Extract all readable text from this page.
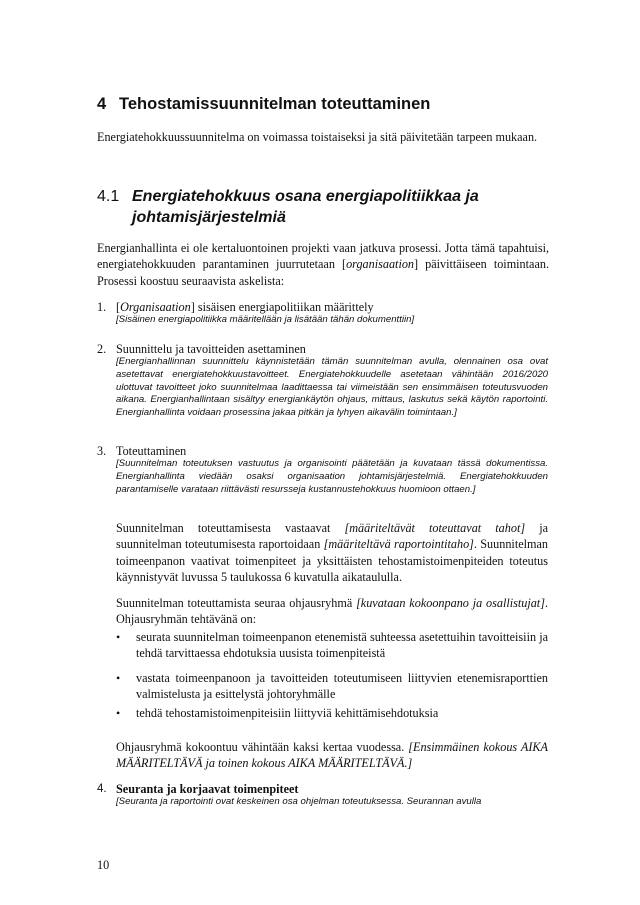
4 Tehostamissuunnitelman toteuttaminen
Energiatehokkuussuunnitelma on voimassa toistaiseksi ja sitä päivitetään tarpeen mukaan.
4.1 Energiatehokkuus osana energiapolitiikkaa ja johtamisjärjestelmiä
Energianhallinta ei ole kertaluontoinen projekti vaan jatkuva prosessi. Jotta tämä tapahtuisi, energiatehokkuuden parantaminen juurrutetaan [organisaation] päivittäiseen toimintaan. Prosessi koostuu seuraavista askelista:
1. [Organisaation] sisäisen energiapolitiikan määrittely
[Sisäinen energiapolitiikka määritellään ja lisätään tähän dokumenttiin]
2. Suunnittelu ja tavoitteiden asettaminen
[Energianhallinnan suunnittelu käynnistetään tämän suunnitelman avulla, olennainen osa ovat asetettavat energiatehokkuustavoitteet. Energiatehokkuudelle asetetaan vähintään 2016/2020 ulottuvat tavoitteet joko suunnitelmaa laadittaessa tai viimeistään sen ensimmäisen toteutusvuoden aikana. Energianhallintaan sisältyy energiankäytön ohjaus, mittaus, laskutus sekä käytön raportointi. Energianhallinta voidaan prosessina jakaa pitkän ja lyhyen aikavälin toimintaan.]
3. Toteuttaminen
[Suunnitelman toteutuksen vastuutus ja organisointi päätetään ja kuvataan tässä dokumentissa. Energianhallinta viedään osaksi organisaation johtamisjärjestelmiä. Energiatehokkuuden parantamiselle varataan riittävästi resursseja kustannustehokkuus huomioon ottaen.]
Suunnitelman toteuttamisesta vastaavat [määriteltävät toteuttavat tahot] ja suunnitelman toteutumisesta raportoidaan [määriteltävä raportointitaho]. Suunnitelman toimeenpanon vaativat toimenpiteet ja yksittäisten tehostamistoimenpiteiden toteutus käynnistyvät luvussa 5 taulukossa 6 kuvatulla aikataululla.
Suunnitelman toteuttamista seuraa ohjausryhmä [kuvataan kokoonpano ja osallistujat]. Ohjausryhmän tehtävänä on:
• seurata suunnitelman toimeenpanon etenemistä suhteessa asetettuihin tavoitteisiin ja tehdä tarvittaessa ehdotuksia uusista toimenpiteistä
• vastata toimeenpanoon ja tavoitteiden toteutumiseen liittyvien etenemisraporttien valmistelusta ja esittelystä johtoryhmälle
• tehdä tehostamistoimenpiteisiin liittyviä kehittämisehdotuksia
Ohjausryhmä kokoontuu vähintään kaksi kertaa vuodessa. [Ensimmäinen kokous AIKA MÄÄRITELTÄVÄ ja toinen kokous AIKA MÄÄRITELTÄVÄ.]
4. Seuranta ja korjaavat toimenpiteet
[Seuranta ja raportointi ovat keskeinen osa ohjelman toteutuksessa. Seurannan avulla
10
